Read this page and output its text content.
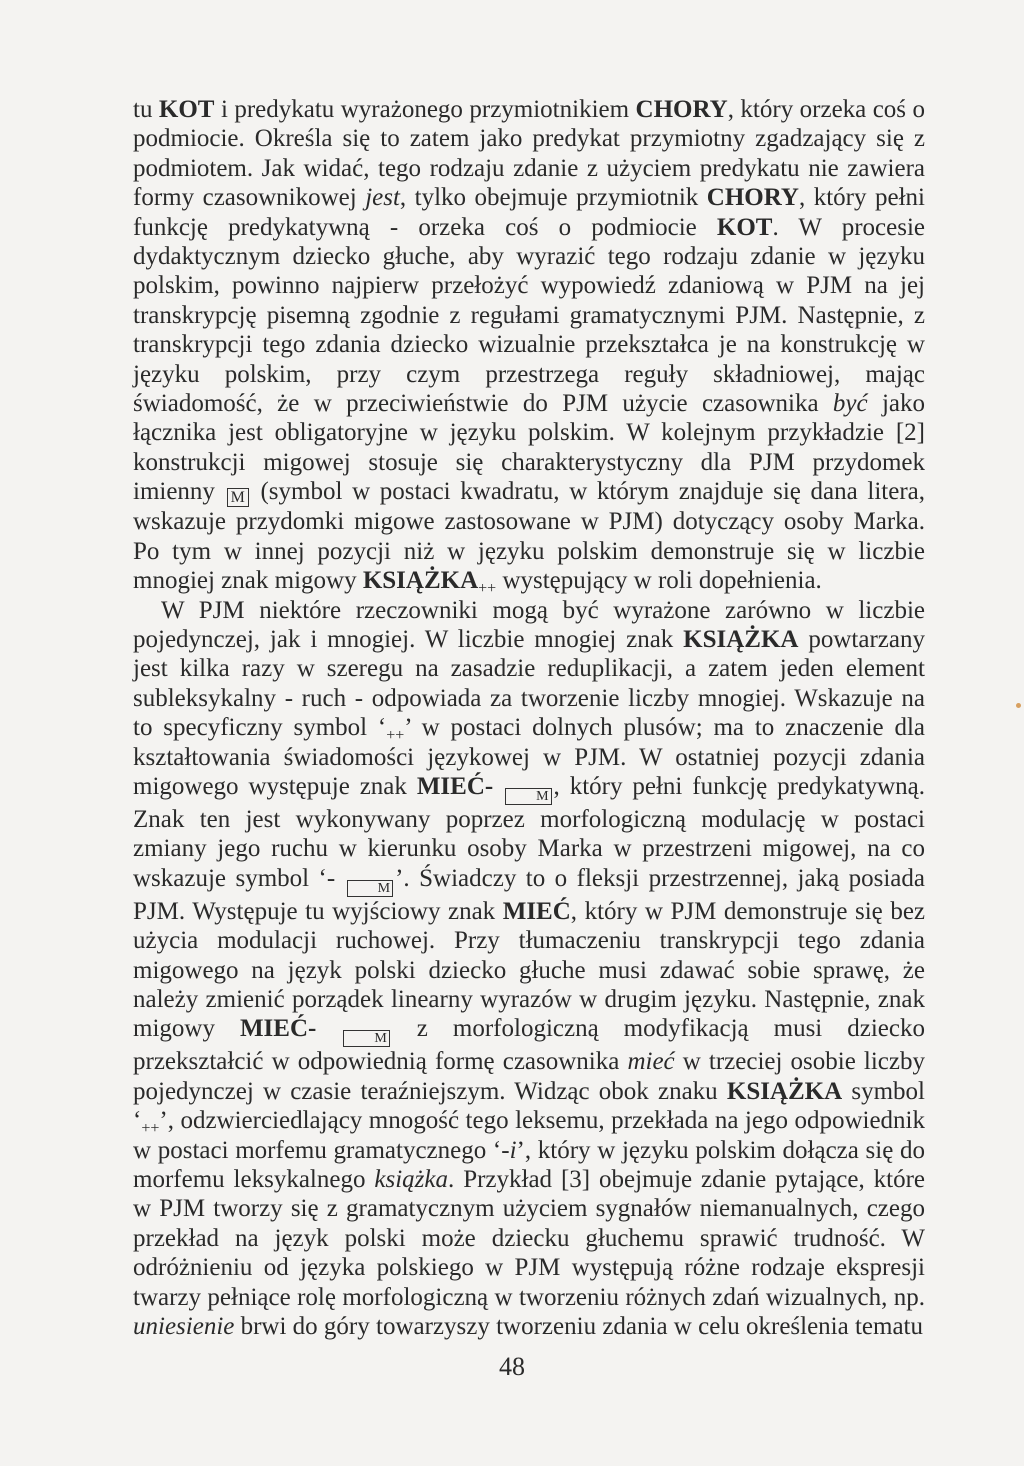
tu KOT i predykatu wyrażonego przymiotnikiem CHORY, który orzeka coś o podmiocie. Określa się to zatem jako predykat przymiotny zgadzający się z podmiotem. Jak widać, tego rodzaju zdanie z użyciem predykatu nie zawiera formy czasownikowej jest, tylko obejmuje przymiotnik CHORY, który pełni funkcję predykatywną - orzeka coś o podmiocie KOT. W procesie dydaktycznym dziecko głuche, aby wyrazić tego rodzaju zdanie w języku polskim, powinno najpierw przełożyć wypowiedź zdaniową w PJM na jej transkrypcję pisemną zgodnie z regułami gramatycznymi PJM. Następnie, z transkrypcji tego zdania dziecko wizualnie przekształca je na konstrukcję w języku polskim, przy czym przestrzega reguły składniowej, mając świadomość, że w przeciwieństwie do PJM użycie czasownika być jako łącznika jest obligatoryjne w języku polskim. W kolejnym przykładzie [2] konstrukcji migowej stosuje się charakterystyczny dla PJM przydomek imienny M (symbol w postaci kwadratu, w którym znajduje się dana litera, wskazuje przydomki migowe zastosowane w PJM) dotyczący osoby Marka. Po tym w innej pozycji niż w języku polskim demonstruje się w liczbie mnogiej znak migowy $KSIĄŻKA_{++}$ występujący w roli dopełnienia.

W PJM niektóre rzeczowniki mogą być wyrażone zarówno w liczbie pojedynczej, jak i mnogiej. W liczbie mnogiej znak KSIĄŻKA powtarzany jest kilka razy w szeregu na zasadzie reduplikacji, a zatem jeden element subleksykalny - ruch - odpowiada za tworzenie liczby mnogiej. Wskazuje na to specyficzny symbol ‘$_{++}$’ w postaci dolnych plusów; ma to znaczenie dla kształtowania świadomości językowej w PJM. W ostatniej pozycji zdania migowego występuje znak MIEĆ- M , który pełni funkcję predykatywną. Znak ten jest wykonywany poprzez morfologiczną modulację w postaci zmiany jego ruchu w kierunku osoby Marka w przestrzeni migowej, na co wskazuje symbol ‘- M ’. Świadczy to o fleksji przestrzennej, jaką posiada PJM. Występuje tu wyjściowy znak MIEĆ, który w PJM demonstruje się bez użycia modulacji ruchowej. Przy tłumaczeniu transkrypcji tego zdania migowego na język polski dziecko głuche musi zdawać sobie sprawę, że należy zmienić porządek linearny wyrazów w drugim języku. Następnie, znak migowy MIEĆ- M z morfologiczną modyfikacją musi dziecko przekształcić w odpowiednią formę czasownika mieć w trzeciej osobie liczby pojedynczej w czasie teraźniejszym. Widząc obok znaku KSIĄŻKA symbol ‘$_{++}$’, odzwierciedlający mnogość tego leksemu, przekłada na jego odpowiednik w postaci morfemu gramatycznego ‘-i’, który w języku polskim dołącza się do morfemu leksykalnego książka. Przykład [3] obejmuje zdanie pytające, które w PJM tworzy się z gramatycznym użyciem sygnałów niemanualnych, czego przekład na język polski może dziecku głuchemu sprawić trudność. W odróżnieniu od języka polskiego w PJM występują różne rodzaje ekspresji twarzy pełniące rolę morfologiczną w tworzeniu różnych zdań wizualnych, np. uniesienie brwi do góry towarzyszy tworzeniu zdania w celu określenia tematu

48
